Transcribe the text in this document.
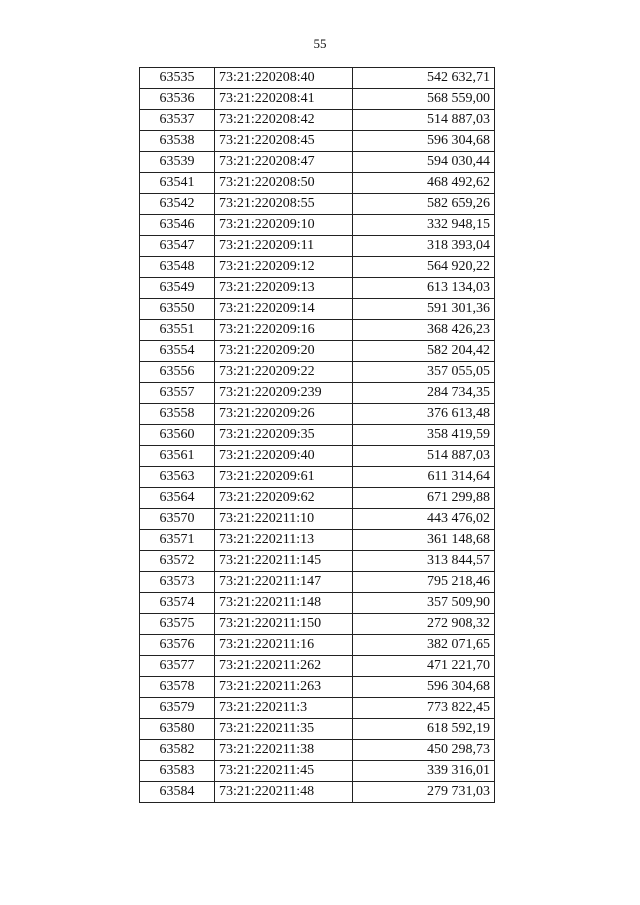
55
63535	73:21:220208:40	542 632,71
63536	73:21:220208:41	568 559,00
63537	73:21:220208:42	514 887,03
63538	73:21:220208:45	596 304,68
63539	73:21:220208:47	594 030,44
63541	73:21:220208:50	468 492,62
63542	73:21:220208:55	582 659,26
63546	73:21:220209:10	332 948,15
63547	73:21:220209:11	318 393,04
63548	73:21:220209:12	564 920,22
63549	73:21:220209:13	613 134,03
63550	73:21:220209:14	591 301,36
63551	73:21:220209:16	368 426,23
63554	73:21:220209:20	582 204,42
63556	73:21:220209:22	357 055,05
63557	73:21:220209:239	284 734,35
63558	73:21:220209:26	376 613,48
63560	73:21:220209:35	358 419,59
63561	73:21:220209:40	514 887,03
63563	73:21:220209:61	611 314,64
63564	73:21:220209:62	671 299,88
63570	73:21:220211:10	443 476,02
63571	73:21:220211:13	361 148,68
63572	73:21:220211:145	313 844,57
63573	73:21:220211:147	795 218,46
63574	73:21:220211:148	357 509,90
63575	73:21:220211:150	272 908,32
63576	73:21:220211:16	382 071,65
63577	73:21:220211:262	471 221,70
63578	73:21:220211:263	596 304,68
63579	73:21:220211:3	773 822,45
63580	73:21:220211:35	618 592,19
63582	73:21:220211:38	450 298,73
63583	73:21:220211:45	339 316,01
63584	73:21:220211:48	279 731,03
